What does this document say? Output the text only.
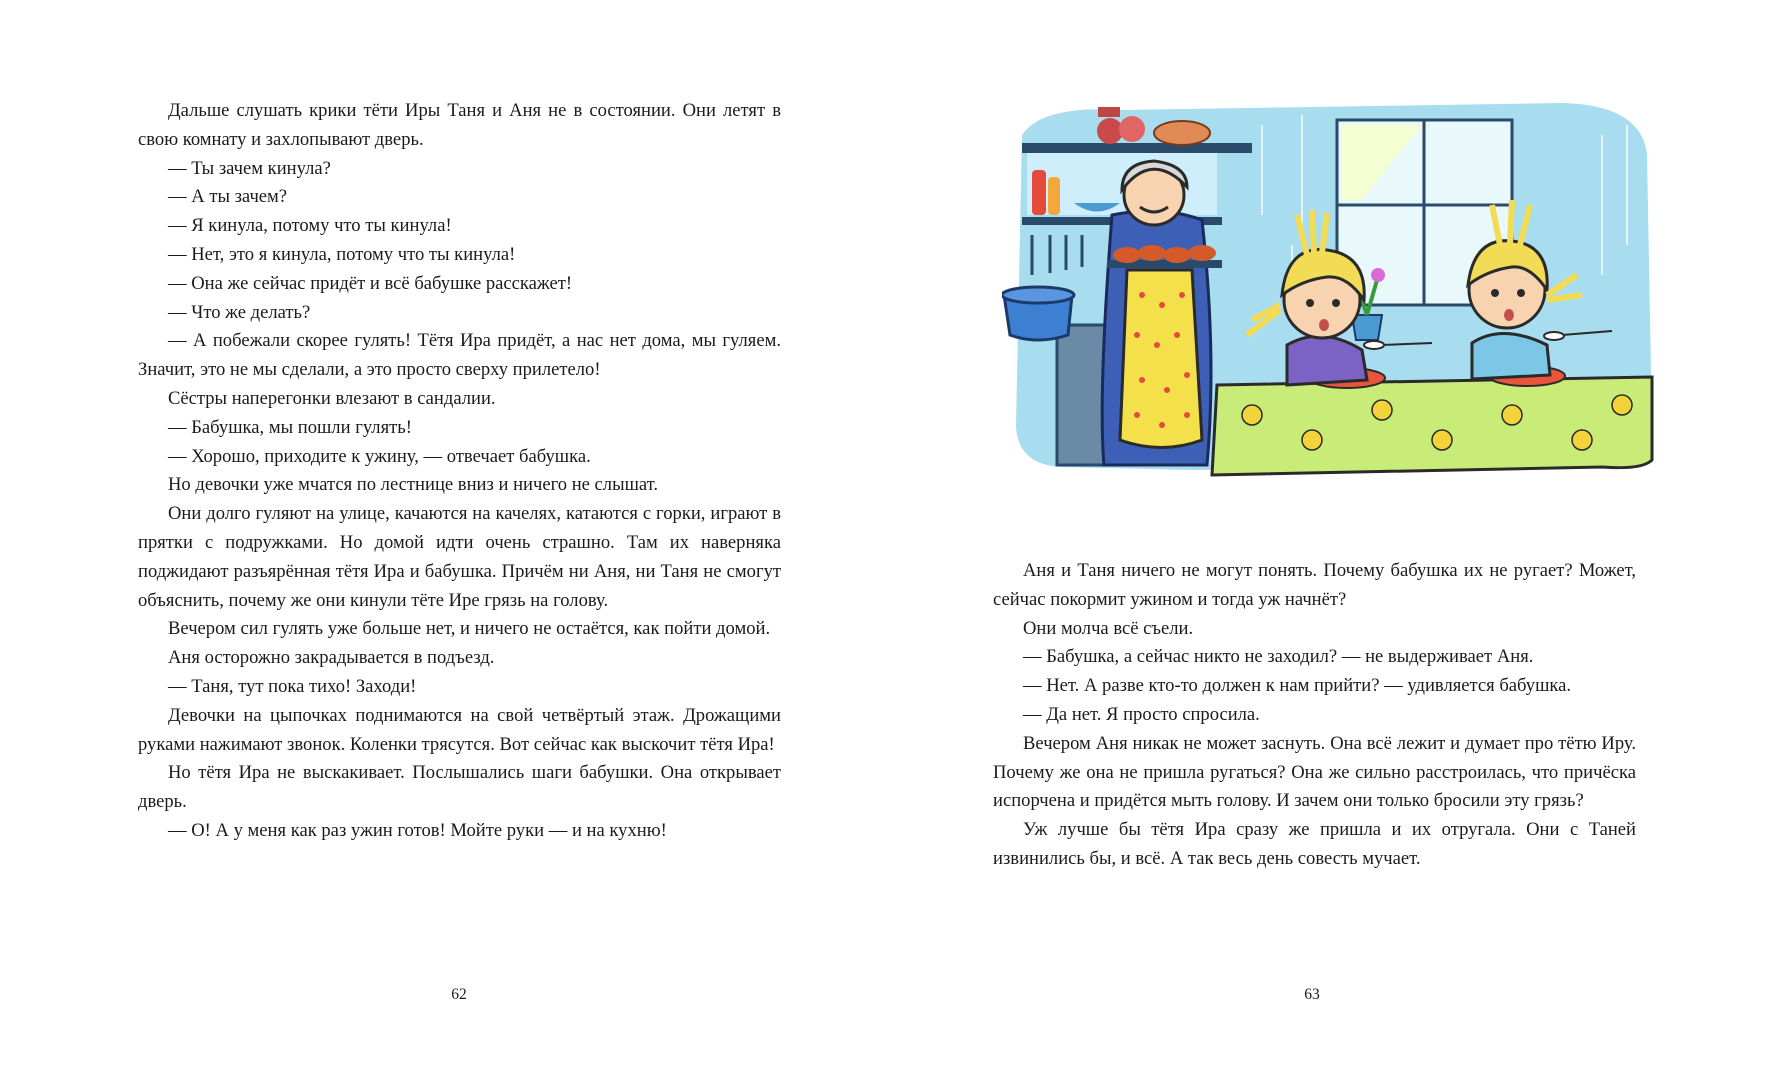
Дальше слушать крики тёти Иры Таня и Аня не в состоянии. Они летят в свою комнату и захлопывают дверь.

— Ты зачем кинула?

— А ты зачем?

— Я кинула, потому что ты кинула!

— Нет, это я кинула, потому что ты кинула!

— Она же сейчас придёт и всё бабушке расскажет!

— Что же делать?

— А побежали скорее гулять! Тётя Ира придёт, а нас нет дома, мы гуляем. Значит, это не мы сделали, а это просто сверху прилетело!

Сёстры наперегонки влезают в сандалии.

— Бабушка, мы пошли гулять!

— Хорошо, приходите к ужину, — отвечает бабушка.

Но девочки уже мчатся по лестнице вниз и ничего не слышат.

Они долго гуляют на улице, качаются на качелях, катаются с горки, играют в прятки с подружками. Но домой идти очень страшно. Там их наверняка поджидают разъярённая тётя Ира и бабушка. Причём ни Аня, ни Таня не смогут объяснить, почему же они кинули тёте Ире грязь на голову.

Вечером сил гулять уже больше нет, и ничего не остаётся, как пойти домой.

Аня осторожно закрадывается в подъезд.

— Таня, тут пока тихо! Заходи!

Девочки на цыпочках поднимаются на свой четвёртый этаж. Дрожащими руками нажимают звонок. Коленки трясутся. Вот сейчас как выскочит тётя Ира!

Но тётя Ира не выскакивает. Послышались шаги бабушки. Она открывает дверь.

— О! А у меня как раз ужин готов! Мойте руки — и на кухню!

62

Аня и Таня ничего не могут понять. Почему бабушка их не ругает? Может, сейчас покормит ужином и тогда уж начнёт?

Они молча всё съели.

— Бабушка, а сейчас никто не заходил? — не выдерживает Аня.

— Нет. А разве кто-то должен к нам прийти? — удивляется бабушка.

— Да нет. Я просто спросила.

Вечером Аня никак не может заснуть. Она всё лежит и думает про тётю Иру. Почему же она не пришла ругаться? Она же сильно расстроилась, что причёска испорчена и придётся мыть голову. И зачем они только бросили эту грязь?

Уж лучше бы тётя Ира сразу же пришла и их отругала. Они с Таней извинились бы, и всё. А так весь день совесть мучает.

63
